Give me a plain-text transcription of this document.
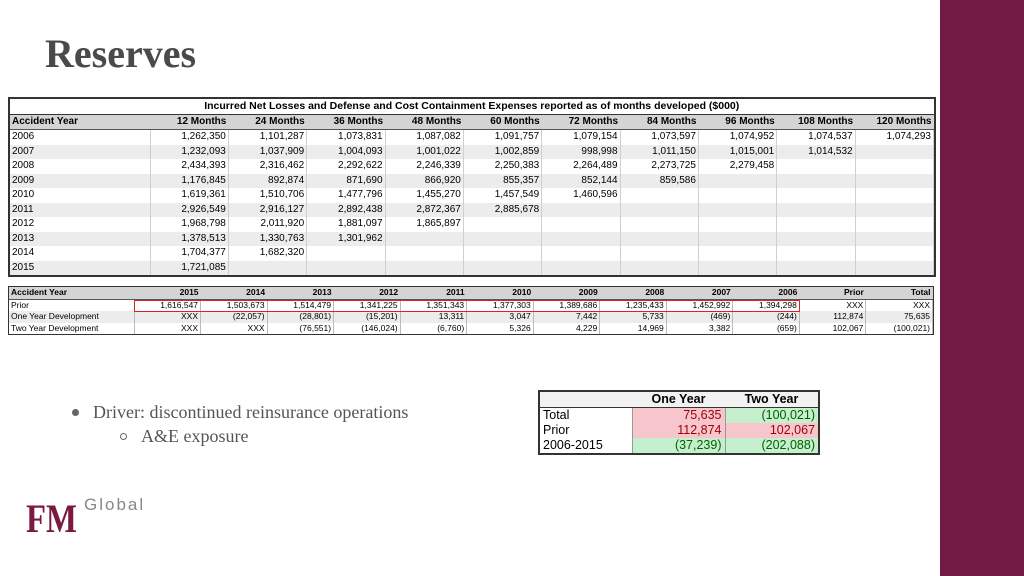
Reserves
Incurred Net Losses and Defense and Cost Containment Expenses reported as of months developed ($000)										
Accident Year	12 Months	24 Months	36 Months	48 Months	60 Months	72 Months	84 Months	96 Months	108 Months	120 Months
2006	1,262,350	1,101,287	1,073,831	1,087,082	1,091,757	1,079,154	1,073,597	1,074,952	1,074,537	1,074,293
2007	1,232,093	1,037,909	1,004,093	1,001,022	1,002,859	998,998	1,011,150	1,015,001	1,014,532	
2008	2,434,393	2,316,462	2,292,622	2,246,339	2,250,383	2,264,489	2,273,725	2,279,458		
2009	1,176,845	892,874	871,690	866,920	855,357	852,144	859,586			
2010	1,619,361	1,510,706	1,477,796	1,455,270	1,457,549	1,460,596				
2011	2,926,549	2,916,127	2,892,438	2,872,367	2,885,678					
2012	1,968,798	2,011,920	1,881,097	1,865,897						
2013	1,378,513	1,330,763	1,301,962							
2014	1,704,377	1,682,320								
2015	1,721,085									
Accident Year	2015	2014	2013	2012	2011	2010	2009	2008	2007	2006	Prior	Total
Prior	1,616,547	1,503,673	1,514,479	1,341,225	1,351,343	1,377,303	1,389,686	1,235,433	1,452,992	1,394,298	XXX	XXX
One Year Development	XXX	(22,057)	(28,801)	(15,201)	13,311	3,047	7,442	5,733	(469)	(244)	112,874	75,635
Two Year Development	XXX	XXX	(76,551)	(146,024)	(6,760)	5,326	4,229	14,969	3,382	(659)	102,067	(100,021)
Driver: discontinued reinsurance operations
A&E exposure
	One Year	Two Year
Total	75,635	(100,021)
Prior	112,874	102,067
2006-2015	(37,239)	(202,088)
FM Global
